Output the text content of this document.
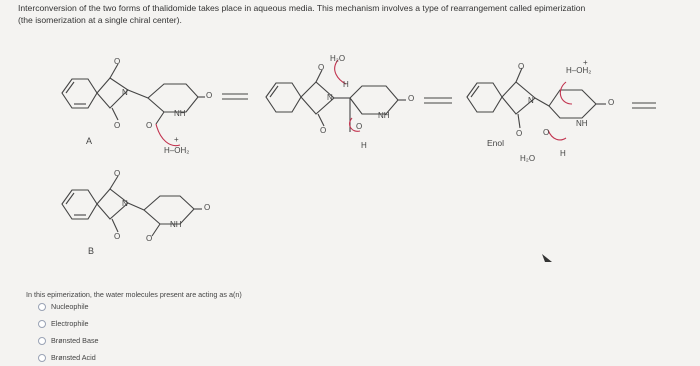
Interconversion of the two forms of thalidomide takes place in aqueous media. This mechanism involves a type of rearrangement called epimerization
(the isomerization at a single chiral center).
A
N
O
O
O
O
NH
+
H–OH₂
H₂O
H
N
O
O
O
O
NH
H	Enol
N
O
O
O
O
NH
+
H–OH₂
H₂O
H
B
N
O
O
O
O
NH
In this epimerization, the water molecules present are acting as a(n)
Nucleophile
Electrophile
Brønsted Base
Brønsted Acid
